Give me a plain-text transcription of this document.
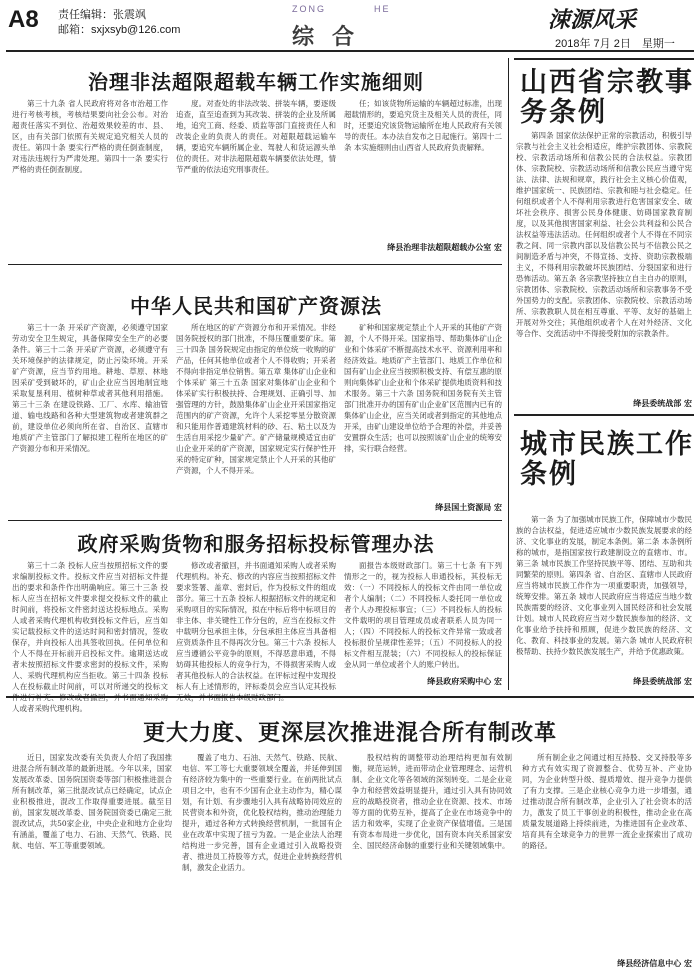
A8 责任编辑：张震飒
邮箱：sxjxsyb@126.com
ZONG	HE
综合
涑源风采
2018年 7月 2日　星期一
治理非法超限超载车辆工作实施细则

第三十九条 省人民政府将对各市治超工作进行考核考核，考核结果要向社会公布。对治超责任落实不到位、治超效果较差的市、县、区，由有关部门依照有关规定追究相关人员的责任。第四十条 要实行严格的责任倒查制度，对违法违规行为严肃处理。第四十一条 要实行严格的责任倒查制度。

度。对查处的非法改装、拼装车辆，要逐级追查，直至追查到为其改装、拼装的企业及所属地，追究工商、经委、质监等部门直接责任人和改装企业的负责人的责任。对超限超载运输车辆，要追究车辆所属企业、驾驶人和货运源头单位的责任。对非法超限超载车辆要依法处理，情节严重的依法追究刑事责任。

任；如该货物所运输的车辆超过标准，出现超载情形的，要追究货主及相关人员的责任，同时，还要追究该货物运输所在地人民政府有关领导的责任。本办法自发布之日起施行。第四十二条 本实施细则由山西省人民政府负责解释。

绛县治理非法超限超载办公室 宏
中华人民共和国矿产资源法

第三十一条 开采矿产资源，必须遵守国家劳动安全卫生规定，具备保障安全生产的必要条件。第三十二条 开采矿产资源，必须遵守有关环境保护的法律规定，防止污染环境。开采矿产资源，应当节约用地。耕地、草原、林地因采矿受到破坏的，矿山企业应当因地制宜地采取复垦利用、植树种草或者其他利用措施。第三十三条 在建设铁路、工厂、水库、输油管道、输电线路和各种大型建筑物或者建筑群之前，建设单位必须向所在省、自治区、直辖市地质矿产主管部门了解拟建工程所在地区的矿产资源分布和开采情况。

所在地区的矿产资源分布和开采情况。非经国务院授权的部门批准，不得压覆重要矿床。第三十四条 国务院规定由指定的单位统一收购的矿产品，任何其他单位或者个人不得收购；开采者不得向非指定单位销售。第五章 集体矿山企业和个体采矿 第三十五条 国家对集体矿山企业和个体采矿实行积极扶持、合理规划、正确引导、加强管理的方针，鼓励集体矿山企业开采国家指定范围内的矿产资源，允许个人采挖零星分散资源和只能用作普通建筑材料的砂、石、粘土以及为生活自用采挖少量矿产。矿产储量规模适宜由矿山企业开采的矿产资源，国家规定实行保护性开采的特定矿种，国家规定禁止个人开采的其他矿产资源，个人不得开采。

矿种和国家规定禁止个人开采的其他矿产资源，个人不得开采。国家指导、帮助集体矿山企业和个体采矿不断提高技术水平、资源利用率和经济效益。地质矿产主管部门、地质工作单位和国有矿山企业应当按照积极支持、有偿互惠的原则向集体矿山企业和个体采矿提供地质资料和技术服务。第三十六条 国务院和国务院有关主管部门批准开办的国有矿山企业矿区范围内已有的集体矿山企业，应当关闭或者到指定的其他地点开采，由矿山建设单位给予合理的补偿，并妥善安置群众生活；也可以按照该矿山企业的统筹安排，实行联合经营。

绛县国土资源局 宏
政府采购货物和服务招标投标管理办法

第三十二条 投标人应当按照招标文件的要求编制投标文件。投标文件应当对招标文件提出的要求和条件作出明确响应。第三十三条 投标人应当在招标文件要求提交投标文件的截止时间前，将投标文件密封送达投标地点。采购人或者采购代理机构收到投标文件后，应当如实记载投标文件的送达时间和密封情况，签收保存，并向投标人出具签收回执。任何单位和个人不得在开标前开启投标文件。逾期送达或者未按照招标文件要求密封的投标文件，采购人、采购代理机构应当拒收。第三十四条 投标人在投标截止时间前，可以对所递交的投标文 人或者采购代理机构。

修改或者撤回，并书面通知采购人或者采购代理机构。补充、修改的内容应当按照招标文件要求签署、盖章、密封后，作为投标文件的组成部分。第三十五条 投标人根据招标文件的规定和采购项目的实际情况，拟在中标后将中标项目的非主体、非关键性工作分包的，应当在投标文件中载明分包承担主体，分包承担主体应当具备相应资质条件且不得再次分包。第三十六条 投标人应当遵循公平竞争的原则，不得恶意串通，不得妨碍其他投标人的竞争行为，不得损害采购人或者其他投标人的合法权益。在评标过程中发现投标人有上述情形的，评标委员会应当认定其投标

面报告本级财政部门。第三十七条 有下列情形之一的，视为投标人串通投标，其投标无效：（一）不同投标人的投标文件由同一单位或者个人编制；（二）不同投标人委托同一单位或者个人办理投标事宜；（三）不同投标人的投标文件载明的项目管理成员或者联系人员为同一人；（四）不同投标人的投标文件异常一致或者投标报价呈规律性差异；（五）不同投标人的投标文件相互混装；（六）不同投标人的投标保证金从同一单位或者个人的账户转出。

绛县政府采购中心 宏
山西省宗教事
务条例

第四条 国家依法保护正常的宗教活动，积极引导宗教与社会主义社会相适应，维护宗教团体、宗教院校、宗教活动场所和信教公民的合法权益。宗教团体、宗教院校、宗教活动场所和信教公民应当遵守宪法、法律、法规和规章，践行社会主义核心价值观，维护国家统一、民族团结、宗教和睦与社会稳定。任何组织或者个人不得利用宗教进行危害国家安全、破坏社会秩序、损害公民身体健康、妨碍国家教育制度，以及其他损害国家利益、社会公共利益和公民合法权益等违法活动。任何组织或者个人不得在不同宗教之间、同一宗教内部以及信教公民与不信教公民之间制造矛盾与冲突，不得宣扬、支持、资助宗教极端主义，不得利用宗教破坏民族团结、分裂国家和进行恐怖活动。第五条 各宗教坚持独立自主自办的原则，宗教团体、宗教院校、宗教活动场所和宗教事务不受外国势力的支配。宗教团体、宗教院校、宗教活动场所、宗教教职人员在相互尊重、平等、友好的基础上开展对外交往；其他组织或者个人在对外经济、文化等合作、交流活动中不得接受附加的宗教条件。

绛县委统战部 宏
城市民族工作
条例

第一条 为了加强城市民族工作，保障城市少数民族的合法权益，促进适应城市少数民族发展要求的经济、文化事业的发展，制定本条例。第二条 本条例所称的城市，是指国家按行政建制设立的直辖市、市。第三条 城市民族工作坚持民族平等、团结、互助和共同繁荣的原则。第四条 省、自治区、直辖市人民政府应当将城市民族工作作为一项重要职责，加强领导，统筹安排。第五条 城市人民政府应当将适应当地少数民族需要的经济、文化事业列入国民经济和社会发展计划。城市人民政府应当对少数民族参加的经济、文化事业给予扶持和照顾，促进少数民族的经济、文化、教育、科技事业的发展。第六条 城市人民政府积极帮助、扶持少数民族发展生产，并给予优惠政策。

绛县委统战部 宏
更大力度、更深层次推进混合所有制改革

近日，国家发改委有关负责人介绍了我国推进混合所有制改革的最新进展。今年以来，国家发展改革委、国务院国资委等部门积极推进混合所有制改革，第三批混改试点已经确定，试点企业积极推进，混改工作取得重要进展。截至目前，国家发展改革委、国务院国资委已确定三批混改试点，共50家企业，中央企业和地方企业均有涵盖，覆盖了电力、石油、天然气、铁路、民航、电信、军工等重要领域。

覆盖了电力、石油、天然气、铁路、民航、电信、军工等七大重要领域全覆盖，并延伸到国有经济较为集中的一些重要行业。在前两批试点项目之中，也有不少国有企业主动作为，精心谋划，有计划、有步骤地引入具有战略协同效应的民营资本和外资，优化股权结构，推动治理能力提升，通过各种方式转换经营机制，一批国有企业在改革中实现了扭亏为盈。一是企业法人治理结构进一步完善，国有企业通过引入战略投资者、推进员工持股等方式，促进企业转换经营机制，激发企业活力。

股权结构的调整带动治理结构更加有效制衡，规范运转，进而带动企业管理理念、运营机制、企业文化等各领域的深刻转变。二是企业竞争力和经营效益明显提升，通过引入具有协同效应的战略投资者，推动企业在资源、技术、市场等方面的优势互补，提高了企业在市场竞争中的活力和效率，实现了企业资产保值增值。三是国有资本布局进一步优化，国有资本向关系国家安全、国民经济命脉的重要行业和关键领域集中。

所有制企业之间通过相互持股、交叉持股等多种方式有效实现了资源整合、优势互补、产业协同，为企业转型升级、提质增效、提升竞争力提供了有力支撑。三是企业核心竞争力进一步增强，通过推动混合所有制改革，企业引入了社会资本的活力，激发了员工干事创业的积极性，推动企业在高质量发展道路上持续前进，为推进国有企业改革、培育具有全球竞争力的世界一流企业探索出了成功的路径。

绛县经济信息中心 宏
